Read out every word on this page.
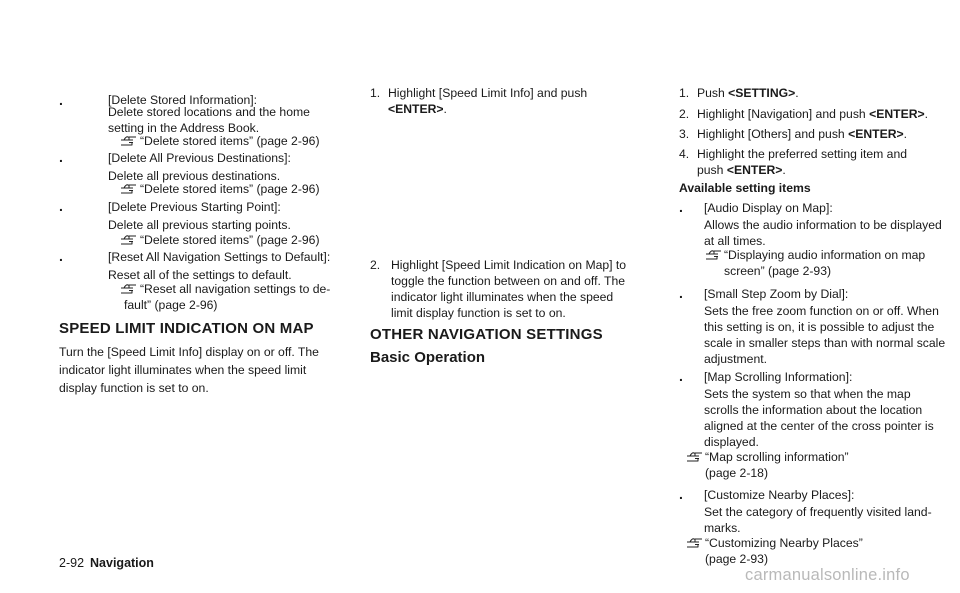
.	[Delete Stored Information]:
Delete stored locations and the home
setting in the Address Book.
“Delete stored items” (page 2-96)
.	[Delete All Previous Destinations]:
Delete all previous destinations.
“Delete stored items” (page 2-96)
.	[Delete Previous Starting Point]:
Delete all previous starting points.
“Delete stored items” (page 2-96)
.	[Reset All Navigation Settings to Default]:
Reset all of the settings to default.
“Reset all navigation settings to de-
fault” (page 2-96)
SPEED LIMIT INDICATION ON MAP
Turn the [Speed Limit Info] display on or off. The
indicator light illuminates when the speed limit
display function is set to on.
1. Highlight [Speed Limit Info] and push
<ENTER>.
2. Highlight [Speed Limit Indication on Map] to
toggle the function between on and off. The
indicator light illuminates when the speed
limit display function is set to on.
OTHER NAVIGATION SETTINGS
Basic Operation
1. Push <SETTING>.
2. Highlight [Navigation] and push <ENTER>.
3. Highlight [Others] and push <ENTER>.
4. Highlight the preferred setting item and
push <ENTER>.
Available setting items
. [Audio Display on Map]:
Allows the audio information to be displayed
at all times.
“Displaying audio information on map
screen” (page 2-93)
. [Small Step Zoom by Dial]:
Sets the free zoom function on or off. When
this setting is on, it is possible to adjust the
scale in smaller steps than with normal scale
adjustment.
. [Map Scrolling Information]:
Sets the system so that when the map
scrolls the information about the location
aligned at the center of the cross pointer is
displayed.
“Map scrolling information”
(page 2-18)
. [Customize Nearby Places]:
Set the category of frequently visited land-
marks.
“Customizing Nearby Places”
(page 2-93)
2-92 Navigation
carmanualsonline.info
